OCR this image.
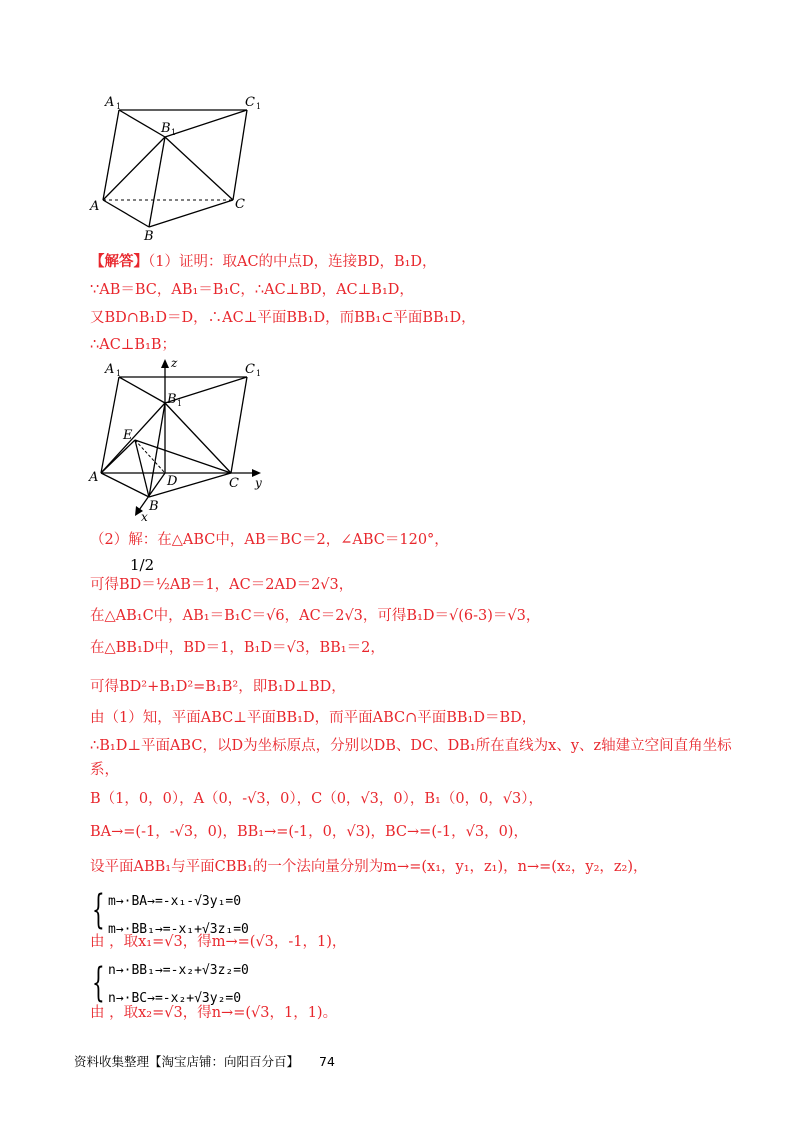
A 1	C 1
B 1
A	C
B
【解答】（1）证明：取AC的中点D，连接BD，B₁D，
∵AB＝BC，AB₁＝B₁C，∴AC⊥BD，AC⊥B₁D，
又BD∩B₁D＝D，∴AC⊥平面BB₁D，而BB₁⊂平面BB₁D，
∴AC⊥B₁B；
z
y
x
A 1	C 1
B 1
E
D
A	C
B
（2）解：在△ABC中，AB＝BC＝2，∠ABC＝120°，
1/2
可得BD＝½AB＝1，AC＝2AD＝2√3，
在△AB₁C中，AB₁＝B₁C＝√6，AC＝2√3，可得B₁D＝√(6-3)＝√3，
在△BB₁D中，BD＝1，B₁D＝√3，BB₁＝2，
可得BD²+B₁D²=B₁B²，即B₁D⊥BD，
由（1）知，平面ABC⊥平面BB₁D，而平面ABC∩平面BB₁D＝BD，
∴B₁D⊥平面ABC，以D为坐标原点，分别以DB、DC、DB₁所在直线为x、y、z轴建立空间直角坐标
系，
B（1，0，0），A（0，-√3，0），C（0，√3，0），B₁（0，0，√3），
BA→=(-1，-√3，0)，BB₁→=(-1，0，√3)，BC→=(-1，√3，0)，
设平面ABB₁与平面CBB₁的一个法向量分别为m→=(x₁，y₁，z₁)，n→=(x₂，y₂，z₂)，
{ m→·BA→=-x₁-√3y₁=0
m→·BB₁→=-x₁+√3z₁=0
由 ，取x₁=√3，得m→=(√3，-1，1)，
{ n→·BB₁→=-x₂+√3z₂=0
n→·BC→=-x₂+√3y₂=0
由 ，取x₂=√3，得n→=(√3，1，1)。
资料收集整理【淘宝店铺：向阳百分百】 74
